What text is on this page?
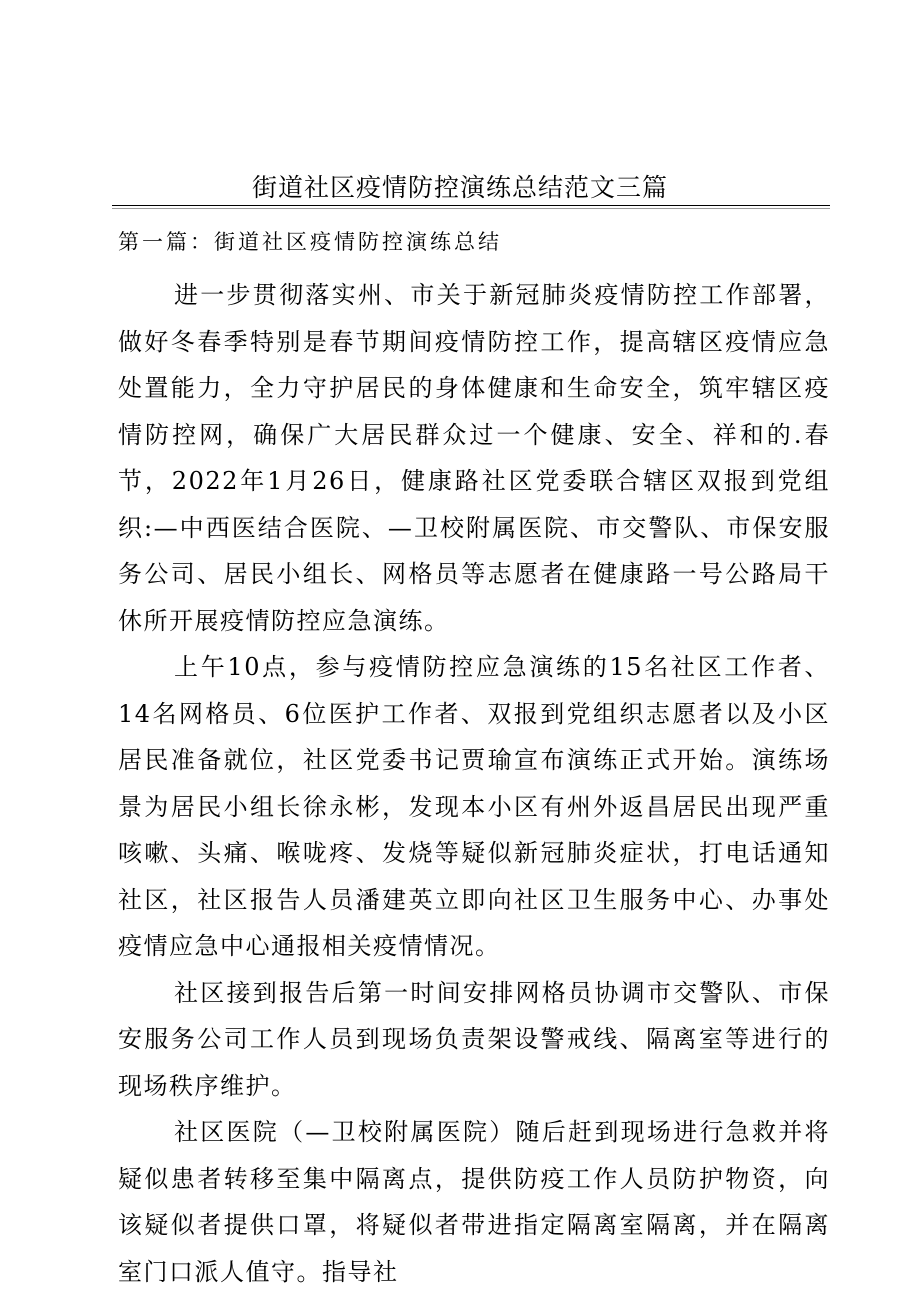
街道社区疫情防控演练总结范文三篇
第一篇：街道社区疫情防控演练总结

进一步贯彻落实州、市关于新冠肺炎疫情防控工作部署，做好冬春季特别是春节期间疫情防控工作，提高辖区疫情应急处置能力，全力守护居民的身体健康和生命安全，筑牢辖区疫情防控网，确保广大居民群众过一个健康、安全、祥和的.春节，2022年1月26日，健康路社区党委联合辖区双报到党组织:—中西医结合医院、—卫校附属医院、市交警队、市保安服务公司、居民小组长、网格员等志愿者在健康路一号公路局干休所开展疫情防控应急演练。

上午10点，参与疫情防控应急演练的15名社区工作者、14名网格员、6位医护工作者、双报到党组织志愿者以及小区居民准备就位，社区党委书记贾瑜宣布演练正式开始。演练场景为居民小组长徐永彬，发现本小区有州外返昌居民出现严重咳嗽、头痛、喉咙疼、发烧等疑似新冠肺炎症状，打电话通知社区，社区报告人员潘建英立即向社区卫生服务中心、办事处疫情应急中心通报相关疫情情况。

社区接到报告后第一时间安排网格员协调市交警队、市保安服务公司工作人员到现场负责架设警戒线、隔离室等进行的现场秩序维护。

社区医院（—卫校附属医院）随后赶到现场进行急救并将疑似患者转移至集中隔离点，提供防疫工作人员防护物资，向该疑似者提供口罩，将疑似者带进指定隔离室隔离，并在隔离室门口派人值守。指导社
